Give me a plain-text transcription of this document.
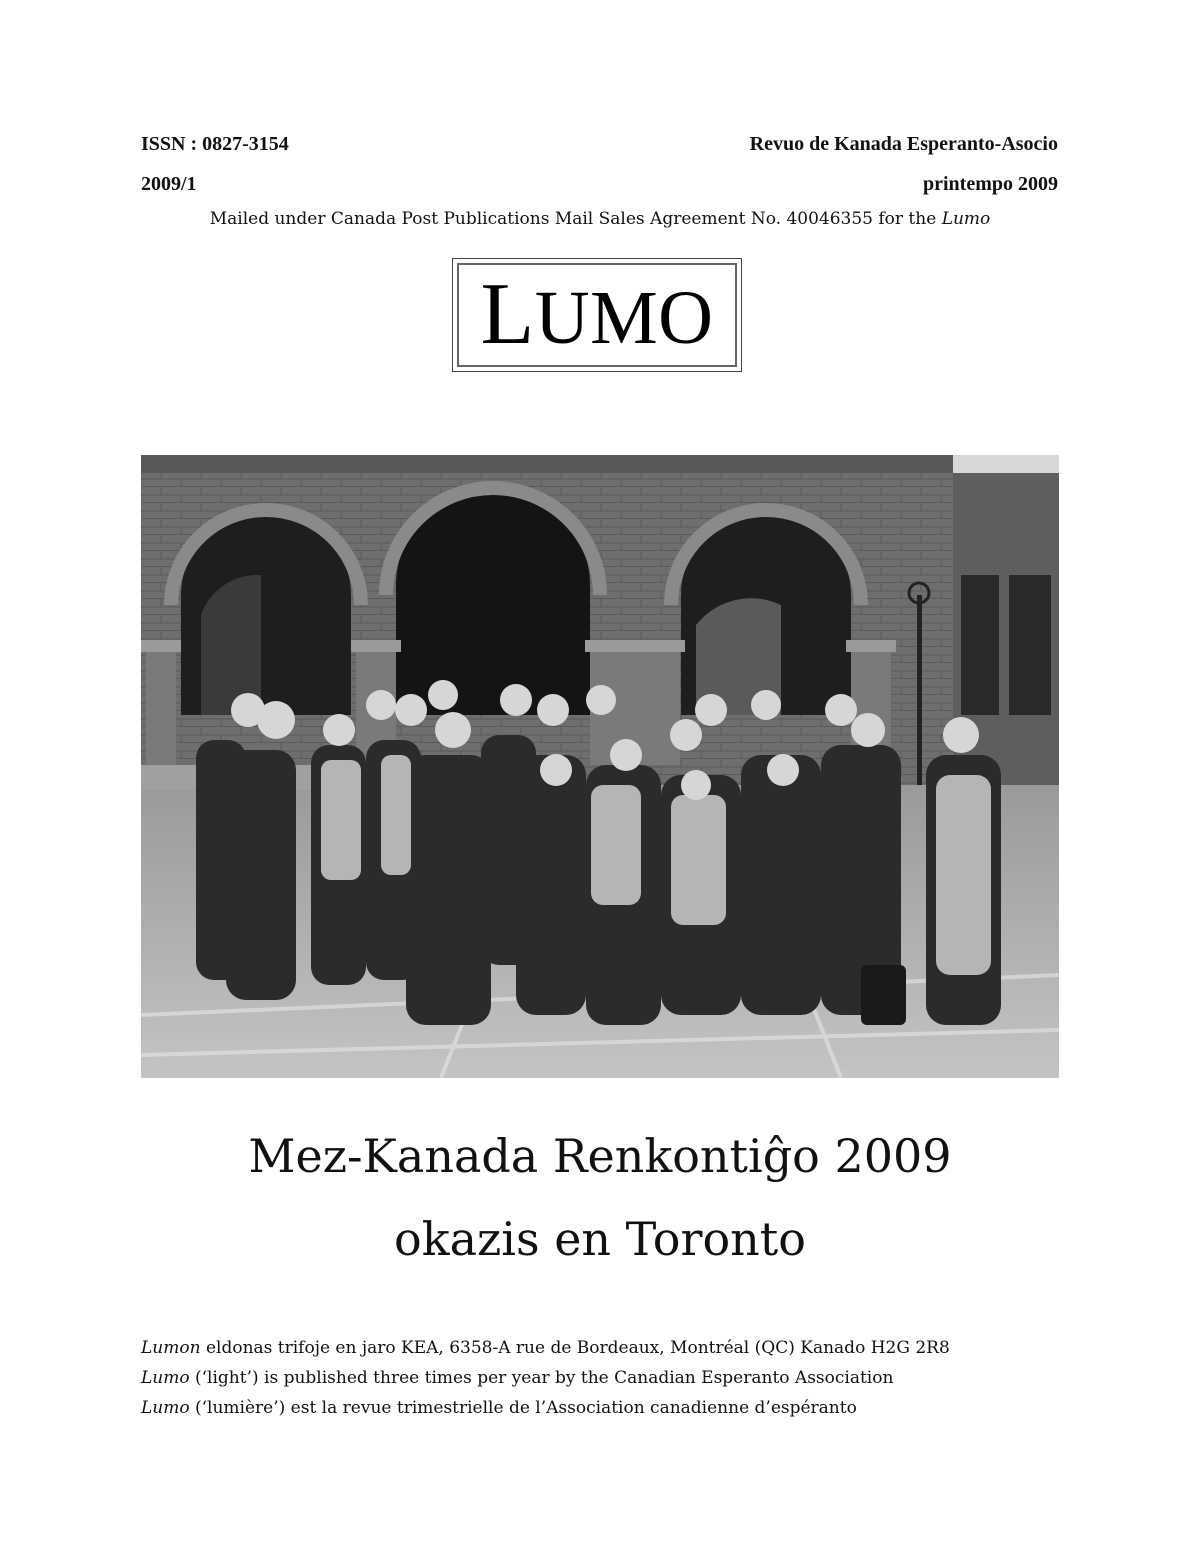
ISSN : 0827-3154	Revuo de Kanada Esperanto-Asocio
2009/1	printempo 2009
Mailed under Canada Post Publications Mail Sales Agreement No. 40046355 for the Lumo
LUMO
Mez-Kanada Renkontiĝo 2009
okazis en Toronto
Lumon eldonas trifoje en jaro KEA, 6358-A rue de Bordeaux, Montréal (QC) Kanado H2G 2R8
Lumo (‘light’) is published three times per year by the Canadian Esperanto Association
Lumo (‘lumière’) est la revue trimestrielle de l’Association canadienne d’espéranto
